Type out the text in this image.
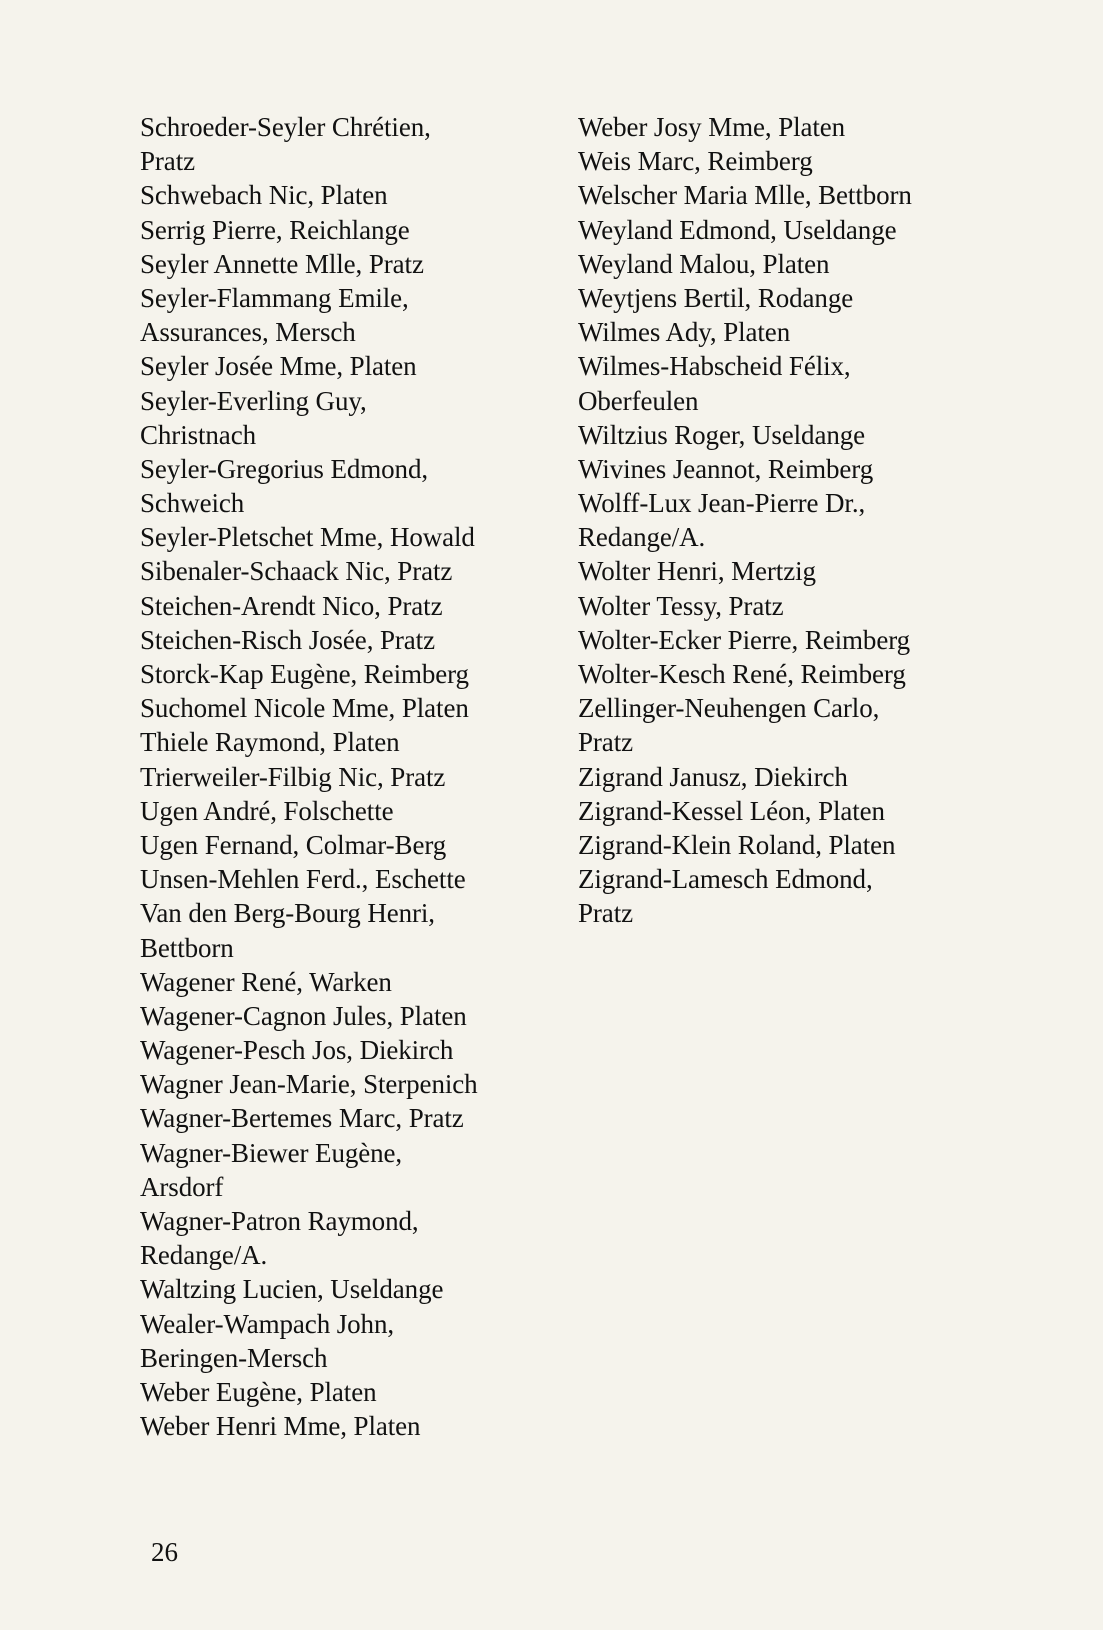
Schroeder-Seyler Chrétien,
Pratz
Schwebach Nic, Platen
Serrig Pierre, Reichlange
Seyler Annette Mlle, Pratz
Seyler-Flammang Emile,
Assurances, Mersch
Seyler Josée Mme, Platen
Seyler-Everling Guy,
Christnach
Seyler-Gregorius Edmond,
Schweich
Seyler-Pletschet Mme, Howald
Sibenaler-Schaack Nic, Pratz
Steichen-Arendt Nico, Pratz
Steichen-Risch Josée, Pratz
Storck-Kap Eugène, Reimberg
Suchomel Nicole Mme, Platen
Thiele Raymond, Platen
Trierweiler-Filbig Nic, Pratz
Ugen André, Folschette
Ugen Fernand, Colmar-Berg
Unsen-Mehlen Ferd., Eschette
Van den Berg-Bourg Henri,
Bettborn
Wagener René, Warken
Wagener-Cagnon Jules, Platen
Wagener-Pesch Jos, Diekirch
Wagner Jean-Marie, Sterpenich
Wagner-Bertemes Marc, Pratz
Wagner-Biewer Eugène,
Arsdorf
Wagner-Patron Raymond,
Redange/A.
Waltzing Lucien, Useldange
Wealer-Wampach John,
Beringen-Mersch
Weber Eugène, Platen
Weber Henri Mme, Platen
Weber Josy Mme, Platen
Weis Marc, Reimberg
Welscher Maria Mlle, Bettborn
Weyland Edmond, Useldange
Weyland Malou, Platen
Weytjens Bertil, Rodange
Wilmes Ady, Platen
Wilmes-Habscheid Félix,
Oberfeulen
Wiltzius Roger, Useldange
Wivines Jeannot, Reimberg
Wolff-Lux Jean-Pierre Dr.,
Redange/A.
Wolter Henri, Mertzig
Wolter Tessy, Pratz
Wolter-Ecker Pierre, Reimberg
Wolter-Kesch René, Reimberg
Zellinger-Neuhengen Carlo,
Pratz
Zigrand Janusz, Diekirch
Zigrand-Kessel Léon, Platen
Zigrand-Klein Roland, Platen
Zigrand-Lamesch Edmond,
Pratz
26
